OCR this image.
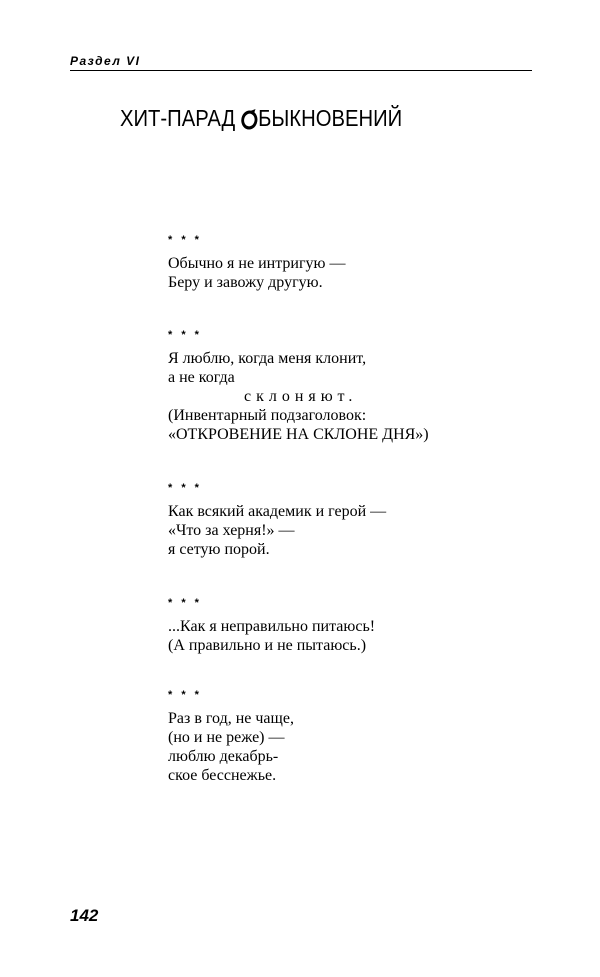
Раздел VI
ХИТ-ПАРАД БЫКНОВЕНИЙ
* * *
Обычно я не интригую —
Беру и завожу другую.
* * *
Я люблю, когда меня клонит,
а не когда
склоняют.
(Инвентарный подзаголовок:
«ОТКРОВЕНИЕ НА СКЛОНЕ ДНЯ»)
* * *
Как всякий академик и герой —
«Что за херня!» —
я сетую порой.
* * *
...Как я неправильно питаюсь!
(А правильно и не пытаюсь.)
* * *
Раз в год, не чаще,
(но и не реже) —
люблю декабрь-
ское бесснежье.
142
